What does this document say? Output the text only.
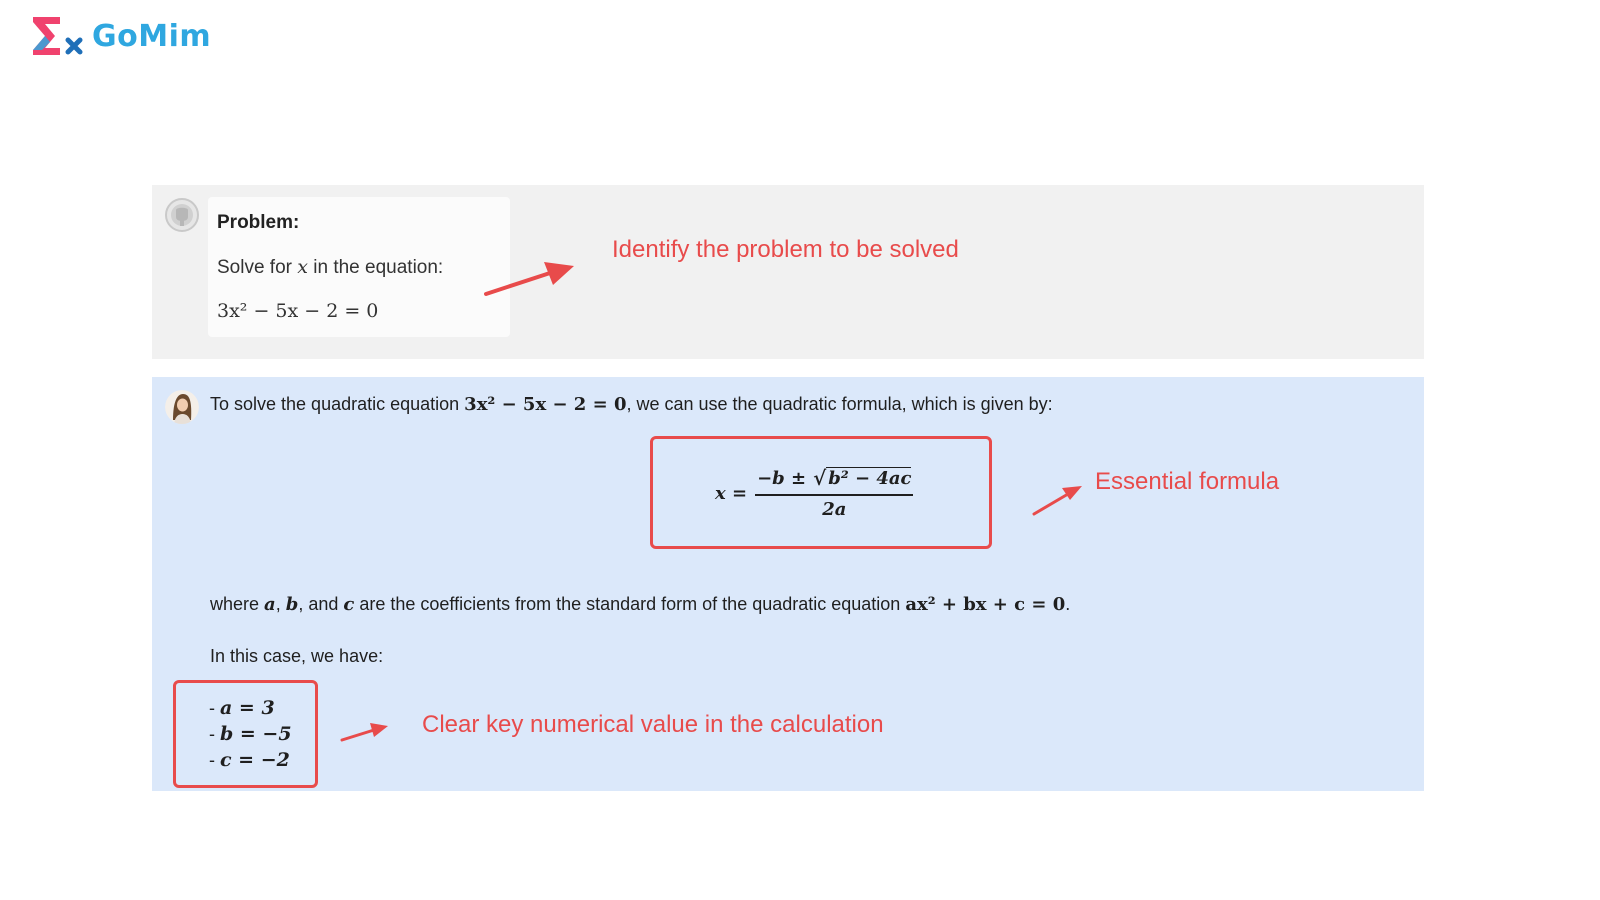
GoMim
Problem:
Solve for x in the equation:
3x² − 5x − 2 = 0
Identify the problem to be solved
To solve the quadratic equation 3x² − 5x − 2 = 0, we can use the quadratic formula, which is given by:
$x = \frac{\text{−b ± √ b² − 4ac}}{2a}$	Essential formula
where a, b, and c are the coefficients from the standard form of the quadratic equation ax² + bx + c = 0.
In this case, we have:
- a = 3
- b = −5
- c = −2
Clear key numerical value in the calculation
